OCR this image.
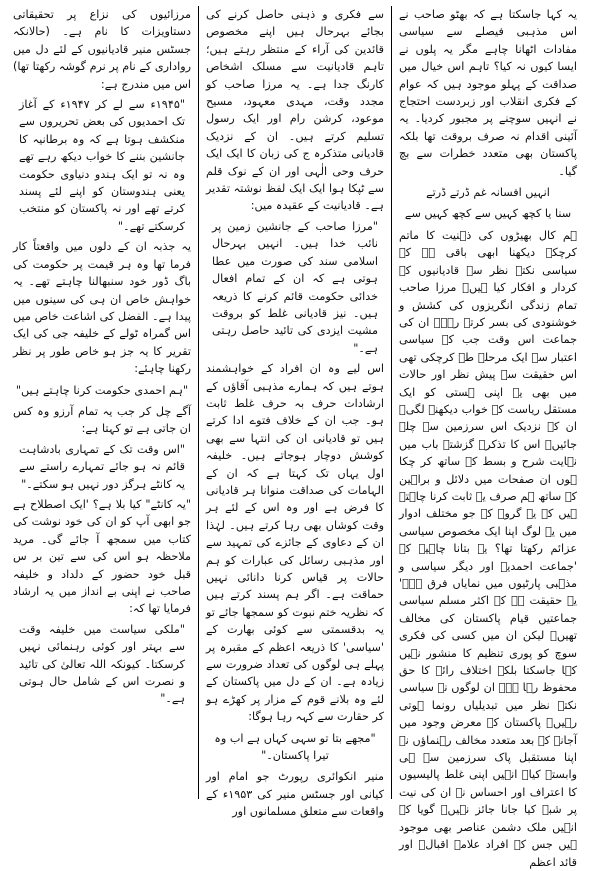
مرزائیوں کی نزاع پر تحقیقاتی دستاویزات کا نام ہے۔ (حالانکہ جسٹس منیر قادیانیوں کے لئے دل میں رواداری کے نام پر نرم گوشہ رکھتا تھا) اس میں مندرج ہے:

"۱۹۴۵ء سے لے کر ۱۹۴۷ء کے آغاز تک احمدیوں کی بعض تحریروں سے منکشف ہوتا ہے کہ وہ برطانیہ کا جانشین بننے کا خواب دیکھ رہے تھے وہ نہ تو ایک ہندو دنیاوی حکومت یعنی ہندوستان کو اپنے لئے پسند کرتے تھے اور نہ پاکستان کو منتخب کرسکتے تھے۔"

یہ جذبہ ان کے دلوں میں واقعتاً کار فرما تھا وہ ہر قیمت پر حکومت کی باگ ڈور خود سنبھالنا چاہتے تھے۔ یہ خواہش خاص ان ہی کی سینوں میں پیدا ہے۔ الفضل کی اشاعت خاص میں اس گمراہ ٹولے کے خلیفہ جی کی ایک تقریر کا یہ جز ہو خاص طور پر نظر رکھنا چاہئے:

"ہم احمدی حکومت کرنا چاہتے ہیں"

آگے چل کر جب یہ تمام آرزو وہ کس ان جاتی ہے تو کہتا ہے:

"اس وقت تک کے تمہاری بادشاہت قائم نہ ہو جائے تمہارے راستے سے یہ کانٹے ہرگز دور نہیں ہو سکتے۔"

"یہ کانٹے" کیا بلا ہے؟ 'ایک اصطلاح ہے جو ابھی آپ کو ان کی خود نوشت کی کتاب میں سمجھ آ جائے گی۔ مرید ملاحظہ ہو اس کی سے تین بر س قبل خود حضور کے دلداد و خلیفہ صاحب نے اپنی بے انداز میں یہ ارشاد فرمایا تھا کہ:

"ملکی سیاست میں خلیفہ وقت سے بہتر اور کوئی رہنمائی نہیں کرسکتا۔ کیونکہ اللہ تعالیٰ کی تائید و نصرت اس کے شامل حال ہوتی ہے۔"

سے فکری و ذہنی حاصل کرنے کی بجائے بہرحال ہیں اپنے مخصوص قائدین کی آراء کے منتظر رہتے ہیں؛ تاہم قادیانیت سے مسلک اشخاص کارنگ جدا ہے۔ یہ مرزا صاحب کو مجدد وقت، مہدی معہود، مسیح موعود، کرشن رام اور ایک رسول تسلیم کرتے ہیں۔ ان کے نزدیک قادیانی متذکرہ ج کی زبان کا ایک ایک حرف وحی الٰہی اور ان کے نوک قلم سے ٹپکا ہوا ایک ایک لفظ نوشتہ تقدیر ہے۔ قادیانیت کے عقیدہ میں:

"مرزا صاحب کے جانشین زمین پر نائب خدا ہیں۔ انہیں بہرحال اسلامی سند کی صورت میں عطا ہوتی ہے کہ ان کے تمام افعال خدائی حکومت قائم کرنے کا ذریعہ ہیں۔ نیز قادیانی غلط کو بروقت مشیت ایزدی کی تائید حاصل رہتی ہے۔"

اس لیے وہ ان افراد کے خواہشمند ہوتے ہیں کہ ہمارے مذہبی آقاؤں کے ارشادات حرف بہ حرف غلط ثابت ہو۔ جب ان کے خلاف فتوے ادا کرتے ہیں تو قادیانی ان کی انتہا سے بھی کوشش دوچار ہوجاتے ہیں۔ خلیفہ اول یہاں تک کہتا ہے کہ ان کے الہامات کی صداقت منوانا ہر قادیانی کا فرض ہے اور وہ اس کے لئے ہر وقت کوشاں بھی رہا کرتے ہیں۔ لہٰذا ان کے دعاوی کے جائزے کی تمہید سے اور مذہبی رسائل کی عبارات کو ہم حالات پر قیاس کرنا دانائی نہیں حماقت ہے۔ اگر ہم پسند کرتے ہیں کہ نظریہ ختم نبوت کو سمجھا جائے تو یہ بدقسمتی سے کوئی بھارت کے 'سیاسی' کا ذریعہ اعظم کے مقبرہ پر پہلے ہی لوگوں کی تعداد ضرورت سے زیادہ ہے۔ ان کے دل میں پاکستان کے لئے وہ بلانے قوم کے مزار پر کھڑے ہو کر حقارت سے کہہ رہا ہوگا:

"مجھے بتا تو سہی کہاں ہے اب وہ تیرا پاکستان۔"

منیر انکوائری رپورٹ جو امام اور کیانی اور جسٹس منیر کی ۱۹۵۳ء کے واقعات سے متعلق مسلمانوں اور

یہ کہا جاسکتا ہے کہ بھٹو صاحب نے اس مذہبی فیصلے سے سیاسی مفادات اٹھانا چاہے مگر یہ پلوں نے ایسا کیوں نہ کیا؟ تاہم اس خیال میں صداقت کے پہلو موجود ہیں کہ عوام کے فکری انقلاب اور زبردست احتجاج نے انہیں سوچنے پر مجبور کردیا۔ یہ آئینی اقدام نہ صرف بروقت تھا بلکہ پاکستان بھی متعدد خطرات سے بچ گیا۔

انہیں افسانہ غم ڈرتے ڈرتے

سنا یا کچھ کہیں سے کچھ کہیں سے

ہم کال بھیڑوں کی ذہنیت کا ماتم کرچکے دیکھنا ابھی باقی ہے کہ سیاسی نکتہ نظر سے قادیانیوں کے کردار و افکار کیا ہیں۔ مرزا صاحب تمام زندگی انگریزوں کی کشش و خوشنودی کی بسر کرتے رہے۔ ان کی جماعت اس وقت جب کہ سیاسی اعتبار سے ایک مرحلہ طے کرچکی تھی اس حقیقت سے پیش نظر اور حالات میں بھی یہ اپنی ہستی کو ایک مستقل ریاست کے خواب دیکھنے لگی۔ ان کے نزدیک اس سرزمین سے چلے جائیں۔ اس کا تذکرہ گزشتہ باب میں نہایت شرح و بسط کے ساتھ کر چکا ہوں ان صفحات میں دلائل و براہین کے ساتھ ہم صرف یہ ثابت کرنا چاہتے ہیں کہ یہ گروہ کہ جو مختلف ادوار میں یہ لوگ اپنا ایک مخصوص سیاسی عزائم رکھتا تھا؟ یہ بتانا چاہیے کہ 'جماعت احمدیہ اور دیگر سیاسی و مذہبی پارٹیوں میں نمایاں فرق ہے۔' یہ حقیقت ہے کہ اکثر مسلم سیاسی جماعتیں قیام پاکستان کی مخالف تھیں۔ لیکن ان میں کسی کی فکری سوچ کو پوری تنظیم کا منشور نہیں کہا جاسکتا بلکہ اختلاف رائے کا حق محفوظ رہا ہے۔ ان لوگوں نے سیاسی نکتہ نظر میں تبدیلیاں رونما ہوتی رہیں۔ پاکستان کے معرض وجود میں آجانے کے بعد متعدد مخالف رہنماؤں نے اپنا مستقبل پاک سرزمین سے ہی وابستہ کیا۔ انہیں اپنی غلط پالیسیوں کا اعتراف اور احساس نے ان کی نیت پر شبہ کیا جانا جائز نہیں۔ گویا کہ انہیں ملک دشمن عناصر بھی موجود ہیں جس کے افراد علامہ اقبالؒ اور قائد اعظم
